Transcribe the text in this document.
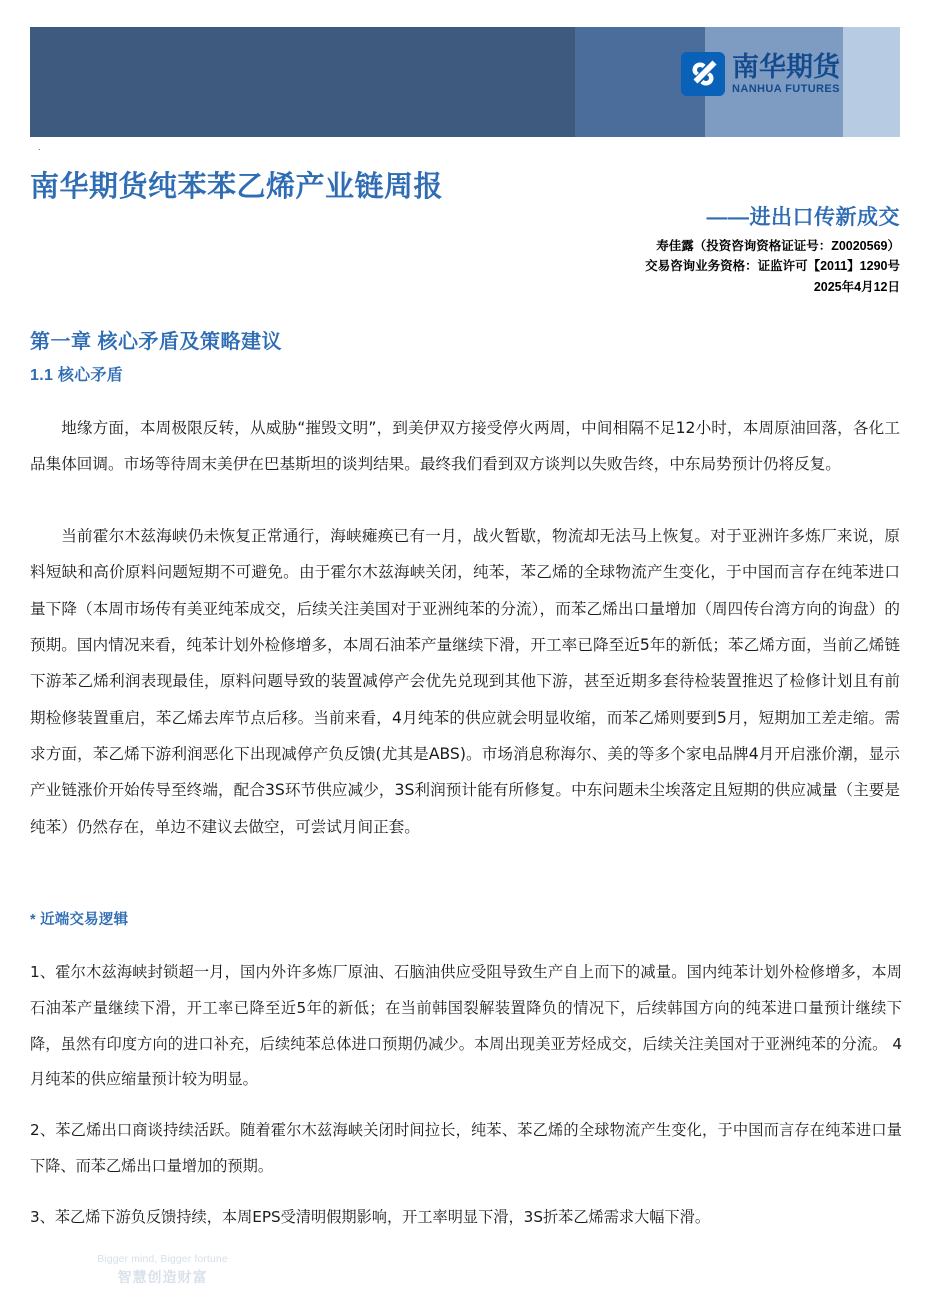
Bigger mind, Bigger fortune
智慧创造财富
南华期货
NANHUA FUTURES
.
南华期货纯苯苯乙烯产业链周报
——进出口传新成交
寿佳露（投资咨询资格证证号：Z0020569）
交易咨询业务资格：证监许可【2011】1290号
2025年4月12日
第一章 核心矛盾及策略建议
1.1 核心矛盾

地缘方面，本周极限反转，从威胁“摧毁文明”，到美伊双方接受停火两周，中间相隔不足12小时，本周原油回落，各化工品集体回调。市场等待周末美伊在巴基斯坦的谈判结果。最终我们看到双方谈判以失败告终，中东局势预计仍将反复。

当前霍尔木兹海峡仍未恢复正常通行，海峡瘫痪已有一月，战火暂歇，物流却无法马上恢复。对于亚洲许多炼厂来说，原料短缺和高价原料问题短期不可避免。由于霍尔木兹海峡关闭，纯苯，苯乙烯的全球物流产生变化，于中国而言存在纯苯进口量下降（本周市场传有美亚纯苯成交，后续关注美国对于亚洲纯苯的分流），而苯乙烯出口量增加（周四传台湾方向的询盘）的预期。国内情况来看，纯苯计划外检修增多，本周石油苯产量继续下滑，开工率已降至近5年的新低；苯乙烯方面，当前乙烯链下游苯乙烯利润表现最佳，原料问题导致的装置减停产会优先兑现到其他下游，甚至近期多套待检装置推迟了检修计划且有前期检修装置重启，苯乙烯去库节点后移。当前来看，4月纯苯的供应就会明显收缩，而苯乙烯则要到5月，短期加工差走缩。需求方面，苯乙烯下游利润恶化下出现减停产负反馈(尤其是ABS)。市场消息称海尔、美的等多个家电品牌4月开启涨价潮，显示产业链涨价开始传导至终端，配合3S环节供应减少，3S利润预计能有所修复。中东问题未尘埃落定且短期的供应减量（主要是纯苯）仍然存在，单边不建议去做空，可尝试月间正套。

* 近端交易逻辑

1、霍尔木兹海峡封锁超一月，国内外许多炼厂原油、石脑油供应受阻导致生产自上而下的减量。国内纯苯计划外检修增多，本周石油苯产量继续下滑，开工率已降至近5年的新低；在当前韩国裂解装置降负的情况下，后续韩国方向的纯苯进口量预计继续下降，虽然有印度方向的进口补充，后续纯苯总体进口预期仍减少。本周出现美亚芳烃成交，后续关注美国对于亚洲纯苯的分流。 4月纯苯的供应缩量预计较为明显。

2、苯乙烯出口商谈持续活跃。随着霍尔木兹海峡关闭时间拉长，纯苯、苯乙烯的全球物流产生变化，于中国而言存在纯苯进口量下降、而苯乙烯出口量增加的预期。

3、苯乙烯下游负反馈持续，本周EPS受清明假期影响，开工率明显下滑，3S折苯乙烯需求大幅下滑。
